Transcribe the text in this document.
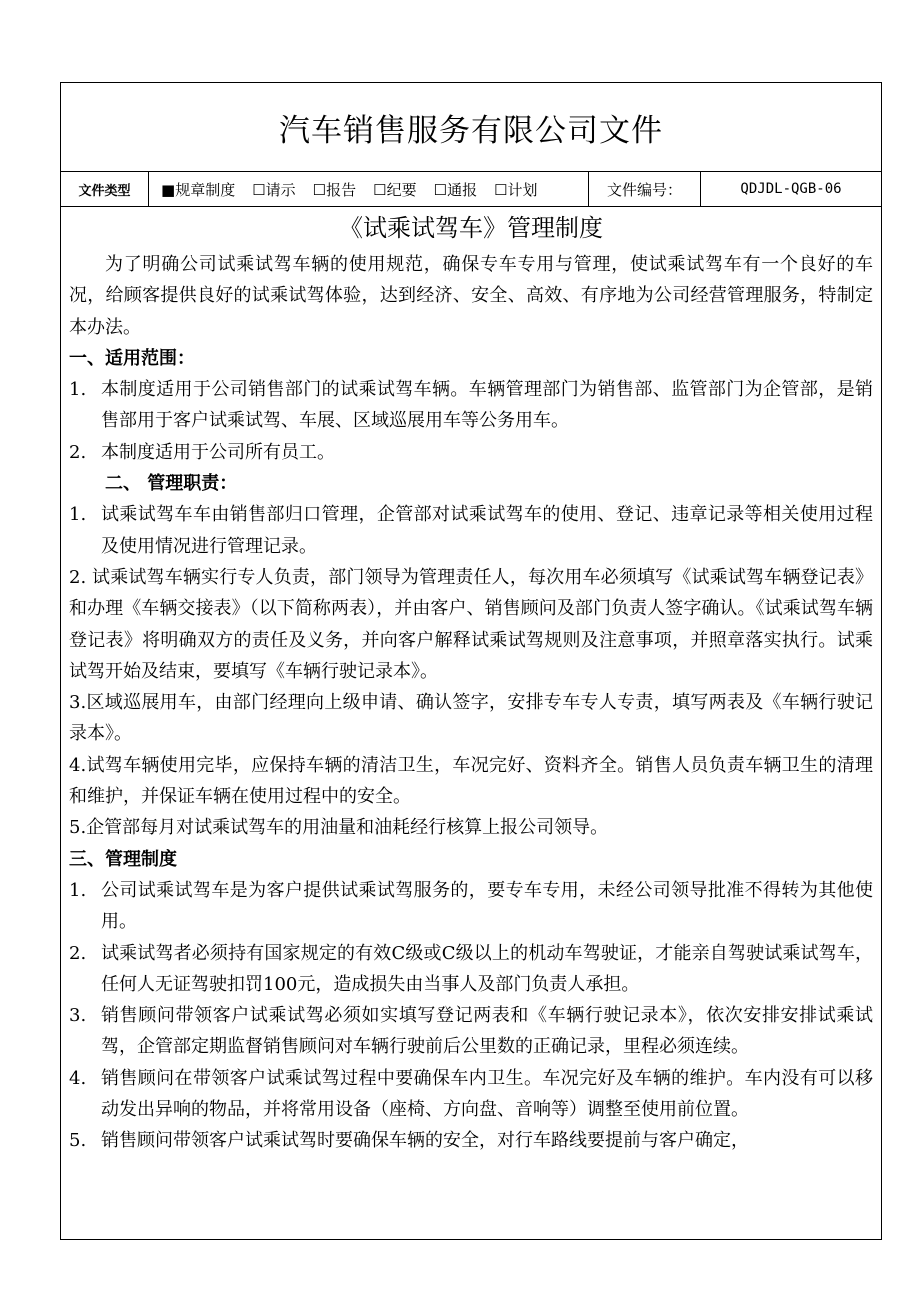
汽车销售服务有限公司文件
文件类型	■规章制度 ☐请示 ☐报告 ☐纪要 ☐通报 ☐计划	文件编号：	QDJDL-QGB-06
《试乘试驾车》管理制度

为了明确公司试乘试驾车辆的使用规范，确保专车专用与管理，使试乘试驾车有一个良好的车况，给顾客提供良好的试乘试驾体验，达到经济、安全、高效、有序地为公司经营管理服务，特制定本办法。

一、适用范围：

1. 本制度适用于公司销售部门的试乘试驾车辆。车辆管理部门为销售部、监管部门为企管部，是销售部用于客户试乘试驾、车展、区域巡展用车等公务用车。
2. 本制度适用于公司所有员工。

二、 管理职责：

1. 试乘试驾车车由销售部归口管理，企管部对试乘试驾车的使用、登记、违章记录等相关使用过程及使用情况进行管理记录。

2. 试乘试驾车辆实行专人负责，部门领导为管理责任人，每次用车必须填写《试乘试驾车辆登记表》和办理《车辆交接表》（以下简称两表），并由客户、销售顾问及部门负责人签字确认。《试乘试驾车辆登记表》将明确双方的责任及义务，并向客户解释试乘试驾规则及注意事项，并照章落实执行。试乘试驾开始及结束，要填写《车辆行驶记录本》。

3.区域巡展用车，由部门经理向上级申请、确认签字，安排专车专人专责，填写两表及《车辆行驶记录本》。

4.试驾车辆使用完毕，应保持车辆的清洁卫生，车况完好、资料齐全。销售人员负责车辆卫生的清理和维护，并保证车辆在使用过程中的安全。

5.企管部每月对试乘试驾车的用油量和油耗经行核算上报公司领导。

三、管理制度

1. 公司试乘试驾车是为客户提供试乘试驾服务的，要专车专用，未经公司领导批准不得转为其他使用。
2. 试乘试驾者必须持有国家规定的有效C级或C级以上的机动车驾驶证，才能亲自驾驶试乘试驾车，任何人无证驾驶扣罚100元，造成损失由当事人及部门负责人承担。
3. 销售顾问带领客户试乘试驾必须如实填写登记两表和《车辆行驶记录本》，依次安排安排试乘试驾，企管部定期监督销售顾问对车辆行驶前后公里数的正确记录，里程必须连续。
4. 销售顾问在带领客户试乘试驾过程中要确保车内卫生。车况完好及车辆的维护。车内没有可以移动发出异响的物品，并将常用设备（座椅、方向盘、音响等）调整至使用前位置。
5. 销售顾问带领客户试乘试驾时要确保车辆的安全，对行车路线要提前与客户确定，
